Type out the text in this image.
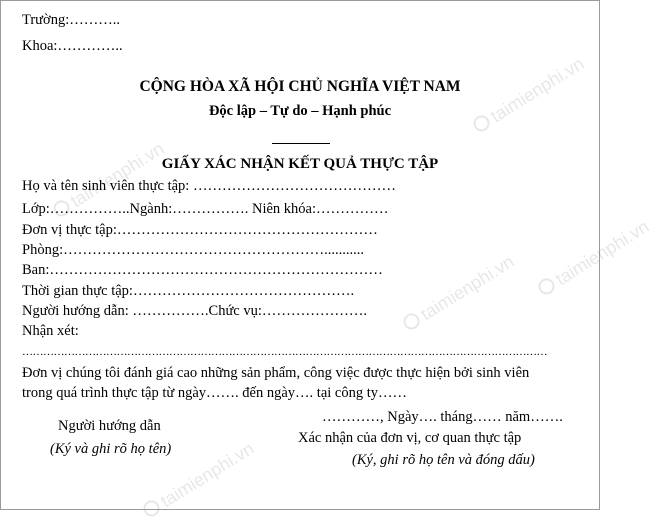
taimienphi.vn
taimienphi.vn
taimienphi.vn
taimienphi.vn
taimienphi.vn
Trường:………..
Khoa:…………..
CỘNG HÒA XÃ HỘI CHỦ NGHĨA VIỆT NAM
Độc lập – Tự do – Hạnh phúc
GIẤY XÁC NHẬN KẾT QUẢ THỰC TẬP
Họ và tên sinh viên thực tập: ……………………………………
Lớp:……………..Ngành:……………. Niên khóa:……………
Đơn vị thực tập:………………………………………………
Phòng:………………………………………………...........
Ban:……………………………………………………………
Thời gian thực tập:……………………………………….
Người hướng dẫn: …………….Chức vụ:………………….
Nhận xét:
……………………………………………………………………………………………………………………………………
Đơn vị chúng tôi đánh giá cao những sản phẩm, công việc được thực hiện bởi sinh viên
trong quá trình thực tập từ ngày……. đến ngày…. tại công ty……
…………, Ngày…. tháng…… năm…….
Người hướng dẫn
(Ký và ghi rõ họ tên)
Xác nhận của đơn vị, cơ quan thực tập
(Ký, ghi rõ họ tên và đóng dấu)
